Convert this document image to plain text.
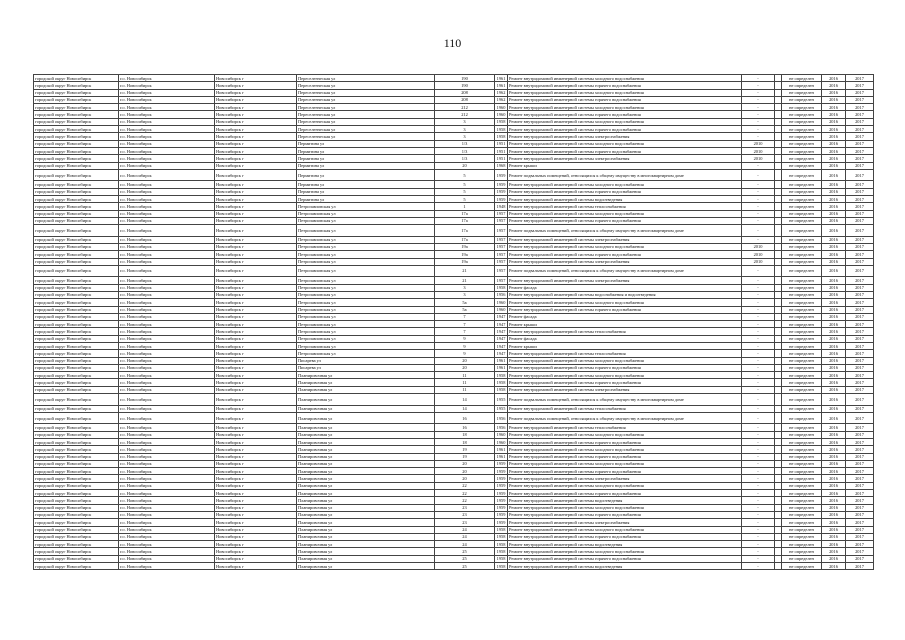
110
городской округ Новосибирск	г.о. Новосибирск	Новосибирск г	Переселенческая ул	190	1961	Ремонт внутридомовой инженерной системы холодного водоснабжения	-		не определен	2016	2017
городской округ Новосибирск	г.о. Новосибирск	Новосибирск г	Переселенческая ул	190	1961	Ремонт внутридомовой инженерной системы горячего водоснабжения	-		не определен	2016	2017
городской округ Новосибирск	г.о. Новосибирск	Новосибирск г	Переселенческая ул	208	1962	Ремонт внутридомовой инженерной системы холодного водоснабжения	-		не определен	2016	2017
городской округ Новосибирск	г.о. Новосибирск	Новосибирск г	Переселенческая ул	208	1962	Ремонт внутридомовой инженерной системы горячего водоснабжения	-		не определен	2016	2017
городской округ Новосибирск	г.о. Новосибирск	Новосибирск г	Переселенческая ул	212	1960	Ремонт внутридомовой инженерной системы холодного водоснабжения	-		не определен	2016	2017
городской округ Новосибирск	г.о. Новосибирск	Новосибирск г	Переселенческая ул	212	1960	Ремонт внутридомовой инженерной системы горячего водоснабжения	-		не определен	2016	2017
городской округ Новосибирск	г.о. Новосибирск	Новосибирск г	Переселенческая ул	3	1958	Ремонт внутридомовой инженерной системы холодного водоснабжения	-		не определен	2016	2017
городской округ Новосибирск	г.о. Новосибирск	Новосибирск г	Переселенческая ул	3	1958	Ремонт внутридомовой инженерной системы горячего водоснабжения	-		не определен	2016	2017
городской округ Новосибирск	г.о. Новосибирск	Новосибирск г	Переселенческая ул	3	1958	Ремонт внутридомовой инженерной системы электроснабжения	-		не определен	2016	2017
городской округ Новосибирск	г.о. Новосибирск	Новосибирск г	Пермитина ул	1/3	1951	Ремонт внутридомовой инженерной системы холодного водоснабжения	2010		не определен	2016	2017
городской округ Новосибирск	г.о. Новосибирск	Новосибирск г	Пермитина ул	1/3	1951	Ремонт внутридомовой инженерной системы горячего водоснабжения	2010		не определен	2016	2017
городской округ Новосибирск	г.о. Новосибирск	Новосибирск г	Пермитина ул	1/3	1951	Ремонт внутридомовой инженерной системы электроснабжения	2010		не определен	2016	2017
городской округ Новосибирск	г.о. Новосибирск	Новосибирск г	Пермитина ул	20	1968	Ремонт крыши	-		не определен	2016	2017
городской округ Новосибирск	г.о. Новосибирск	Новосибирск г	Пермитина ул	5	1959	Ремонт подвальных помещений, относящихся к общему имуществу в многоквартирном доме	-		не определен	2016	2017
городской округ Новосибирск	г.о. Новосибирск	Новосибирск г	Пермитина ул	5	1959	Ремонт внутридомовой инженерной системы холодного водоснабжения	-		не определен	2016	2017
городской округ Новосибирск	г.о. Новосибирск	Новосибирск г	Пермитина ул	5	1959	Ремонт внутридомовой инженерной системы горячего водоснабжения	-		не определен	2016	2017
городской округ Новосибирск	г.о. Новосибирск	Новосибирск г	Пермитина ул	5	1959	Ремонт внутридомовой инженерной системы водоотведения	-		не определен	2016	2017
городской округ Новосибирск	г.о. Новосибирск	Новосибирск г	Петропавловская ул	1	1948	Ремонт внутридомовой инженерной системы теплоснабжения	-		не определен	2016	2017
городской округ Новосибирск	г.о. Новосибирск	Новосибирск г	Петропавловская ул	17а	1957	Ремонт внутридомовой инженерной системы холодного водоснабжения	-		не определен	2016	2017
городской округ Новосибирск	г.о. Новосибирск	Новосибирск г	Петропавловская ул	17а	1957	Ремонт внутридомовой инженерной системы горячего водоснабжения	-		не определен	2016	2017
городской округ Новосибирск	г.о. Новосибирск	Новосибирск г	Петропавловская ул	17а	1957	Ремонт подвальных помещений, относящихся к общему имуществу в многоквартирном доме	-		не определен	2016	2017
городской округ Новосибирск	г.о. Новосибирск	Новосибирск г	Петропавловская ул	17а	1957	Ремонт внутридомовой инженерной системы электроснабжения	-		не определен	2016	2017
городской округ Новосибирск	г.о. Новосибирск	Новосибирск г	Петропавловская ул	19а	1957	Ремонт внутридомовой инженерной системы холодного водоснабжения	2010		не определен	2016	2017
городской округ Новосибирск	г.о. Новосибирск	Новосибирск г	Петропавловская ул	19а	1957	Ремонт внутридомовой инженерной системы горячего водоснабжения	2010		не определен	2016	2017
городской округ Новосибирск	г.о. Новосибирск	Новосибирск г	Петропавловская ул	19а	1957	Ремонт внутридомовой инженерной системы электроснабжения	2010		не определен	2016	2017
городской округ Новосибирск	г.о. Новосибирск	Новосибирск г	Петропавловская ул	21	1957	Ремонт подвальных помещений, относящихся к общему имуществу в многоквартирном доме	-		не определен	2016	2017
городской округ Новосибирск	г.о. Новосибирск	Новосибирск г	Петропавловская ул	21	1957	Ремонт внутридомовой инженерной системы электроснабжения	-		не определен	2016	2017
городской округ Новосибирск	г.о. Новосибирск	Новосибирск г	Петропавловская ул	3	1958	Ремонт фасада	-		не определен	2016	2017
городской округ Новосибирск	г.о. Новосибирск	Новосибирск г	Петропавловская ул	3	1956	Ремонт внутридомовой инженерной системы водоснабжения и водоотведения	-		не определен	2016	2017
городской округ Новосибирск	г.о. Новосибирск	Новосибирск г	Петропавловская ул	5а	1960	Ремонт внутридомовой инженерной системы холодного водоснабжения	-		не определен	2016	2017
городской округ Новосибирск	г.о. Новосибирск	Новосибирск г	Петропавловская ул	5а	1960	Ремонт внутридомовой инженерной системы горячего водоснабжения	-		не определен	2016	2017
городской округ Новосибирск	г.о. Новосибирск	Новосибирск г	Петропавловская ул	7	1947	Ремонт фасада	-		не определен	2016	2017
городской округ Новосибирск	г.о. Новосибирск	Новосибирск г	Петропавловская ул	7	1947	Ремонт крыши	-		не определен	2016	2017
городской округ Новосибирск	г.о. Новосибирск	Новосибирск г	Петропавловская ул	7	1947	Ремонт внутридомовой инженерной системы теплоснабжения	-		не определен	2016	2017
городской округ Новосибирск	г.о. Новосибирск	Новосибирск г	Петропавловская ул	9	1947	Ремонт фасада	-		не определен	2016	2017
городской округ Новосибирск	г.о. Новосибирск	Новосибирск г	Петропавловская ул	9	1947	Ремонт крыши	-		не определен	2016	2017
городской округ Новосибирск	г.о. Новосибирск	Новосибирск г	Петропавловская ул	9	1947	Ремонт внутридомовой инженерной системы теплоснабжения	-		не определен	2016	2017
городской округ Новосибирск	г.о. Новосибирск	Новосибирск г	Писарева ул	20	1961	Ремонт внутридомовой инженерной системы холодного водоснабжения	-		не определен	2016	2017
городской округ Новосибирск	г.о. Новосибирск	Новосибирск г	Писарева ул	20	1961	Ремонт внутридомовой инженерной системы горячего водоснабжения	-		не определен	2016	2017
городской округ Новосибирск	г.о. Новосибирск	Новосибирск г	Планировочная ул	11	1958	Ремонт внутридомовой инженерной системы холодного водоснабжения	-		не определен	2016	2017
городской округ Новосибирск	г.о. Новосибирск	Новосибирск г	Планировочная ул	11	1958	Ремонт внутридомовой инженерной системы горячего водоснабжения	-		не определен	2016	2017
городской округ Новосибирск	г.о. Новосибирск	Новосибирск г	Планировочная ул	11	1958	Ремонт внутридомовой инженерной системы электроснабжения	-		не определен	2016	2017
городской округ Новосибирск	г.о. Новосибирск	Новосибирск г	Планировочная ул	14	1955	Ремонт подвальных помещений, относящихся к общему имуществу в многоквартирном доме	-		не определен	2016	2017
городской округ Новосибирск	г.о. Новосибирск	Новосибирск г	Планировочная ул	14	1955	Ремонт внутридомовой инженерной системы теплоснабжения	-		не определен	2016	2017
городской округ Новосибирск	г.о. Новосибирск	Новосибирск г	Планировочная ул	16	1956	Ремонт подвальных помещений, относящихся к общему имуществу в многоквартирном доме	-		не определен	2016	2017
городской округ Новосибирск	г.о. Новосибирск	Новосибирск г	Планировочная ул	16	1956	Ремонт внутридомовой инженерной системы теплоснабжения	-		не определен	2016	2017
городской округ Новосибирск	г.о. Новосибирск	Новосибирск г	Планировочная ул	18	1960	Ремонт внутридомовой инженерной системы холодного водоснабжения	-		не определен	2016	2017
городской округ Новосибирск	г.о. Новосибирск	Новосибирск г	Планировочная ул	18	1960	Ремонт внутридомовой инженерной системы горячего водоснабжения	-		не определен	2016	2017
городской округ Новосибирск	г.о. Новосибирск	Новосибирск г	Планировочная ул	19	1961	Ремонт внутридомовой инженерной системы холодного водоснабжения	-		не определен	2016	2017
городской округ Новосибирск	г.о. Новосибирск	Новосибирск г	Планировочная ул	19	1961	Ремонт внутридомовой инженерной системы горячего водоснабжения	-		не определен	2016	2017
городской округ Новосибирск	г.о. Новосибирск	Новосибирск г	Планировочная ул	20	1959	Ремонт внутридомовой инженерной системы холодного водоснабжения	-		не определен	2016	2017
городской округ Новосибирск	г.о. Новосибирск	Новосибирск г	Планировочная ул	20	1959	Ремонт внутридомовой инженерной системы горячего водоснабжения	-		не определен	2016	2017
городской округ Новосибирск	г.о. Новосибирск	Новосибирск г	Планировочная ул	20	1959	Ремонт внутридомовой инженерной системы электроснабжения	-		не определен	2016	2017
городской округ Новосибирск	г.о. Новосибирск	Новосибирск г	Планировочная ул	22	1959	Ремонт внутридомовой инженерной системы холодного водоснабжения	-		не определен	2016	2017
городской округ Новосибирск	г.о. Новосибирск	Новосибирск г	Планировочная ул	22	1959	Ремонт внутридомовой инженерной системы горячего водоснабжения	-		не определен	2016	2017
городской округ Новосибирск	г.о. Новосибирск	Новосибирск г	Планировочная ул	22	1959	Ремонт внутридомовой инженерной системы водоотведения	-		не определен	2016	2017
городской округ Новосибирск	г.о. Новосибирск	Новосибирск г	Планировочная ул	23	1959	Ремонт внутридомовой инженерной системы холодного водоснабжения	-		не определен	2016	2017
городской округ Новосибирск	г.о. Новосибирск	Новосибирск г	Планировочная ул	23	1959	Ремонт внутридомовой инженерной системы горячего водоснабжения	-		не определен	2016	2017
городской округ Новосибирск	г.о. Новосибирск	Новосибирск г	Планировочная ул	23	1959	Ремонт внутридомовой инженерной системы электроснабжения	-		не определен	2016	2017
городской округ Новосибирск	г.о. Новосибирск	Новосибирск г	Планировочная ул	24	1958	Ремонт внутридомовой инженерной системы холодного водоснабжения	-		не определен	2016	2017
городской округ Новосибирск	г.о. Новосибирск	Новосибирск г	Планировочная ул	24	1958	Ремонт внутридомовой инженерной системы горячего водоснабжения	-		не определен	2016	2017
городской округ Новосибирск	г.о. Новосибирск	Новосибирск г	Планировочная ул	24	1958	Ремонт внутридомовой инженерной системы водоотведения	-		не определен	2016	2017
городской округ Новосибирск	г.о. Новосибирск	Новосибирск г	Планировочная ул	25	1958	Ремонт внутридомовой инженерной системы холодного водоснабжения	-		не определен	2016	2017
городской округ Новосибирск	г.о. Новосибирск	Новосибирск г	Планировочная ул	25	1958	Ремонт внутридомовой инженерной системы горячего водоснабжения	-		не определен	2016	2017
городской округ Новосибирск	г.о. Новосибирск	Новосибирск г	Планировочная ул	25	1958	Ремонт внутридомовой инженерной системы водоотведения	-		не определен	2016	2017
